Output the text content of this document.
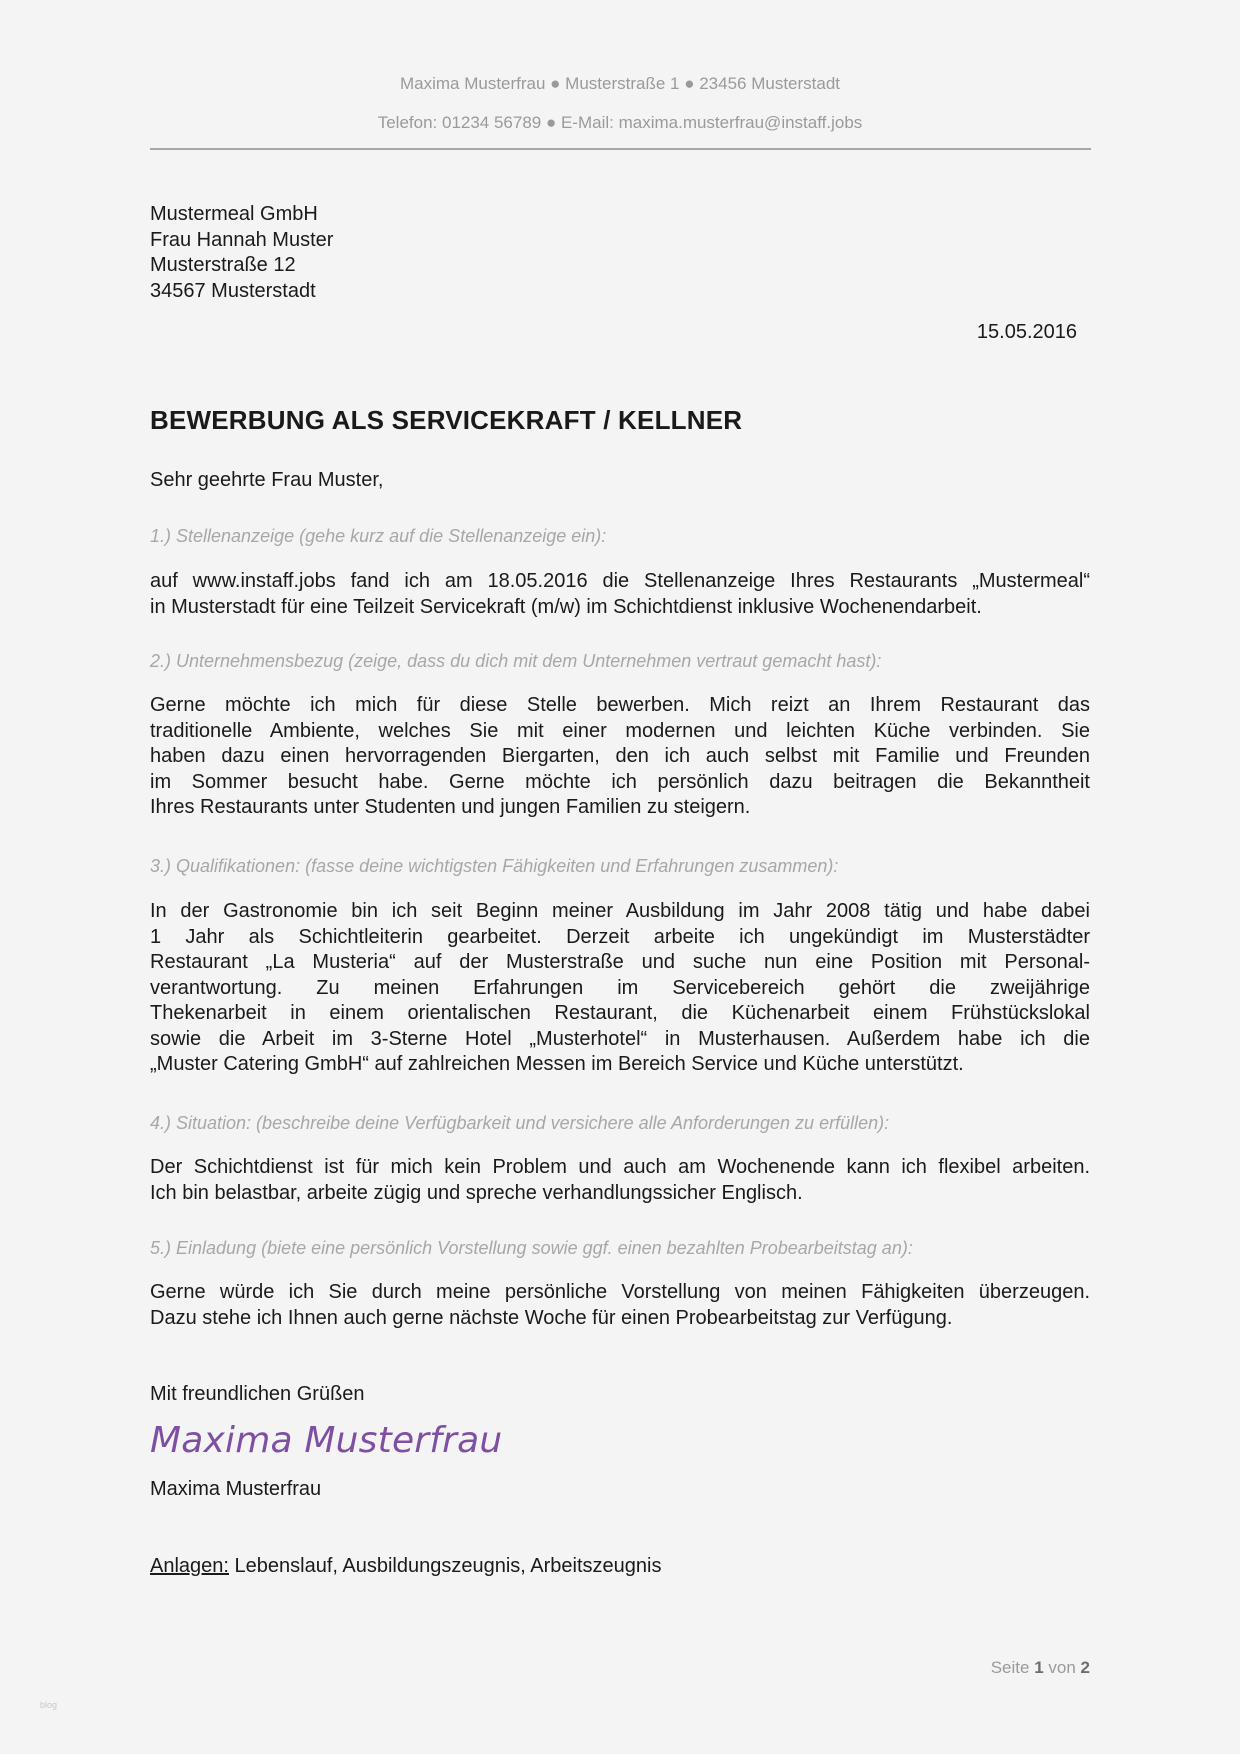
Maxima Musterfrau ● Musterstraße 1 ● 23456 Musterstadt
Telefon: 01234 56789 ● E-Mail: maxima.musterfrau@instaff.jobs
Mustermeal GmbH
Frau Hannah Muster
Musterstraße 12
34567 Musterstadt
15.05.2016
BEWERBUNG ALS SERVICEKRAFT / KELLNER
Sehr geehrte Frau Muster,
1.) Stellenanzeige (gehe kurz auf die Stellenanzeige ein):
auf www.instaff.jobs fand ich am 18.05.2016 die Stellenanzeige Ihres Restaurants „Mustermeal“
in Musterstadt für eine Teilzeit Servicekraft (m/w) im Schichtdienst inklusive Wochenendarbeit.
2.) Unternehmensbezug (zeige, dass du dich mit dem Unternehmen vertraut gemacht hast):
Gerne möchte ich mich für diese Stelle bewerben. Mich reizt an Ihrem Restaurant das
traditionelle Ambiente, welches Sie mit einer modernen und leichten Küche verbinden. Sie
haben dazu einen hervorragenden Biergarten, den ich auch selbst mit Familie und Freunden
im Sommer besucht habe. Gerne möchte ich persönlich dazu beitragen die Bekanntheit
Ihres Restaurants unter Studenten und jungen Familien zu steigern.
3.) Qualifikationen: (fasse deine wichtigsten Fähigkeiten und Erfahrungen zusammen):
In der Gastronomie bin ich seit Beginn meiner Ausbildung im Jahr 2008 tätig und habe dabei
1 Jahr als Schichtleiterin gearbeitet. Derzeit arbeite ich ungekündigt im Musterstädter
Restaurant „La Musteria“ auf der Musterstraße und suche nun eine Position mit Personal-
verantwortung. Zu meinen Erfahrungen im Servicebereich gehört die zweijährige
Thekenarbeit in einem orientalischen Restaurant, die Küchenarbeit einem Frühstückslokal
sowie die Arbeit im 3-Sterne Hotel „Musterhotel“ in Musterhausen. Außerdem habe ich die
„Muster Catering GmbH“ auf zahlreichen Messen im Bereich Service und Küche unterstützt.
4.) Situation: (beschreibe deine Verfügbarkeit und versichere alle Anforderungen zu erfüllen):
Der Schichtdienst ist für mich kein Problem und auch am Wochenende kann ich flexibel arbeiten.
Ich bin belastbar, arbeite zügig und spreche verhandlungssicher Englisch.
5.) Einladung (biete eine persönlich Vorstellung sowie ggf. einen bezahlten Probearbeitstag an):
Gerne würde ich Sie durch meine persönliche Vorstellung von meinen Fähigkeiten überzeugen.
Dazu stehe ich Ihnen auch gerne nächste Woche für einen Probearbeitstag zur Verfügung.
Mit freundlichen Grüßen
Maxima Musterfrau
Maxima Musterfrau
Anlagen: Lebenslauf, Ausbildungszeugnis, Arbeitszeugnis
Seite 1 von 2
blog
